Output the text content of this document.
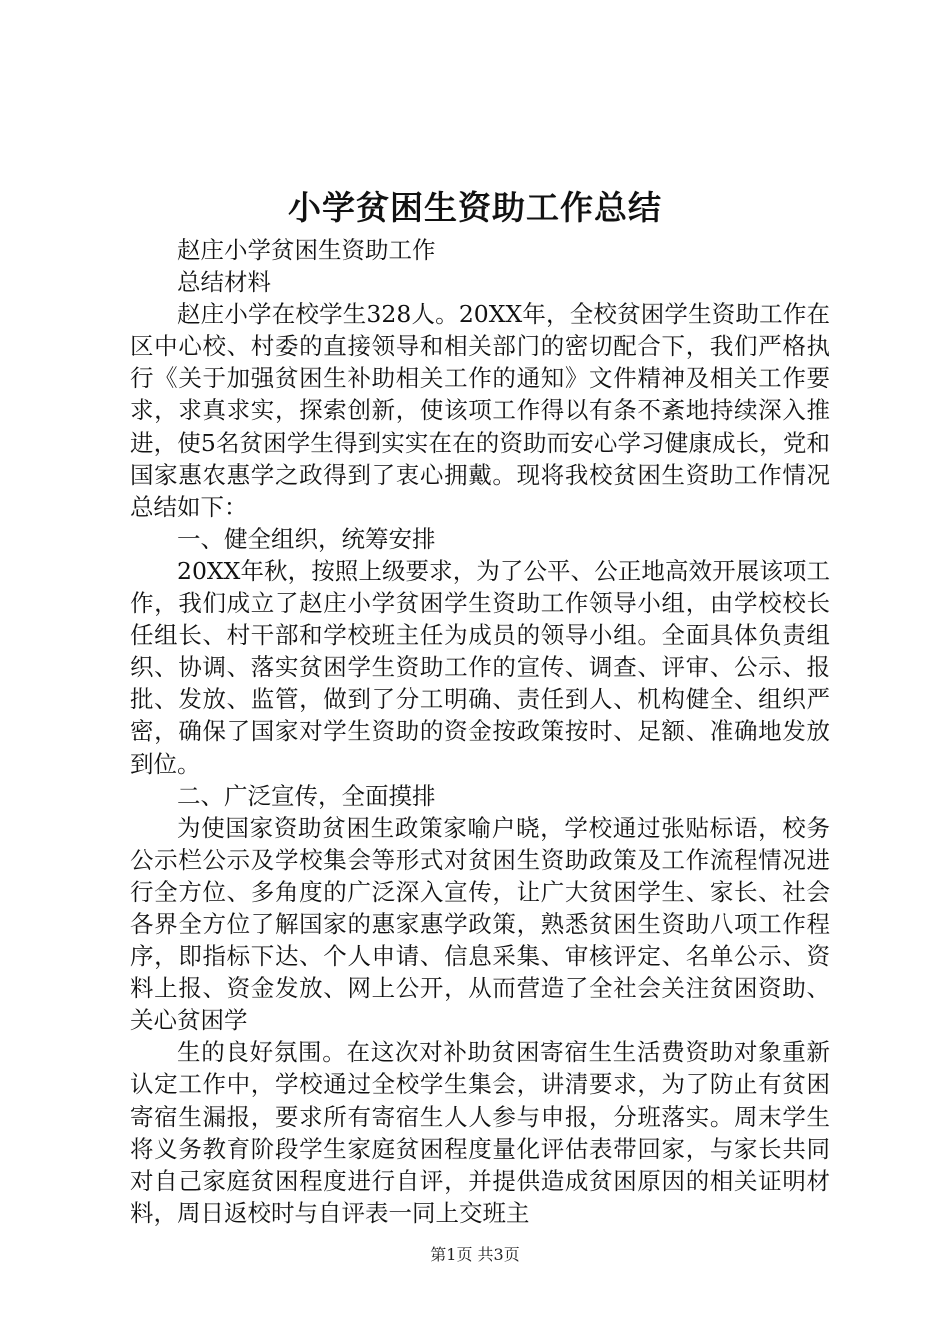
小学贫困生资助工作总结

赵庄小学贫困生资助工作

总结材料

赵庄小学在校学生328人。20XX年，全校贫困学生资助工作在区中心校、村委的直接领导和相关部门的密切配合下，我们严格执行《关于加强贫困生补助相关工作的通知》文件精神及相关工作要求，求真求实，探索创新，使该项工作得以有条不紊地持续深入推进，使5名贫困学生得到实实在在的资助而安心学习健康成长，党和国家惠农惠学之政得到了衷心拥戴。现将我校贫困生资助工作情况总结如下：

一、健全组织，统筹安排

20XX年秋，按照上级要求，为了公平、公正地高效开展该项工作，我们成立了赵庄小学贫困学生资助工作领导小组，由学校校长任组长、村干部和学校班主任为成员的领导小组。全面具体负责组织、协调、落实贫困学生资助工作的宣传、调查、评审、公示、报批、发放、监管，做到了分工明确、责任到人、机构健全、组织严密，确保了国家对学生资助的资金按政策按时、足额、准确地发放到位。

二、广泛宣传，全面摸排

为使国家资助贫困生政策家喻户晓，学校通过张贴标语，校务公示栏公示及学校集会等形式对贫困生资助政策及工作流程情况进行全方位、多角度的广泛深入宣传，让广大贫困学生、家长、社会各界全方位了解国家的惠家惠学政策，熟悉贫困生资助八项工作程序，即指标下达、个人申请、信息采集、审核评定、名单公示、资料上报、资金发放、网上公开，从而营造了全社会关注贫困资助、关心贫困学

生的良好氛围。在这次对补助贫困寄宿生生活费资助对象重新认定工作中，学校通过全校学生集会，讲清要求，为了防止有贫困寄宿生漏报，要求所有寄宿生人人参与申报，分班落实。周末学生将义务教育阶段学生家庭贫困程度量化评估表带回家，与家长共同对自己家庭贫困程度进行自评，并提供造成贫困原因的相关证明材料，周日返校时与自评表一同上交班主

第1页 共3页
